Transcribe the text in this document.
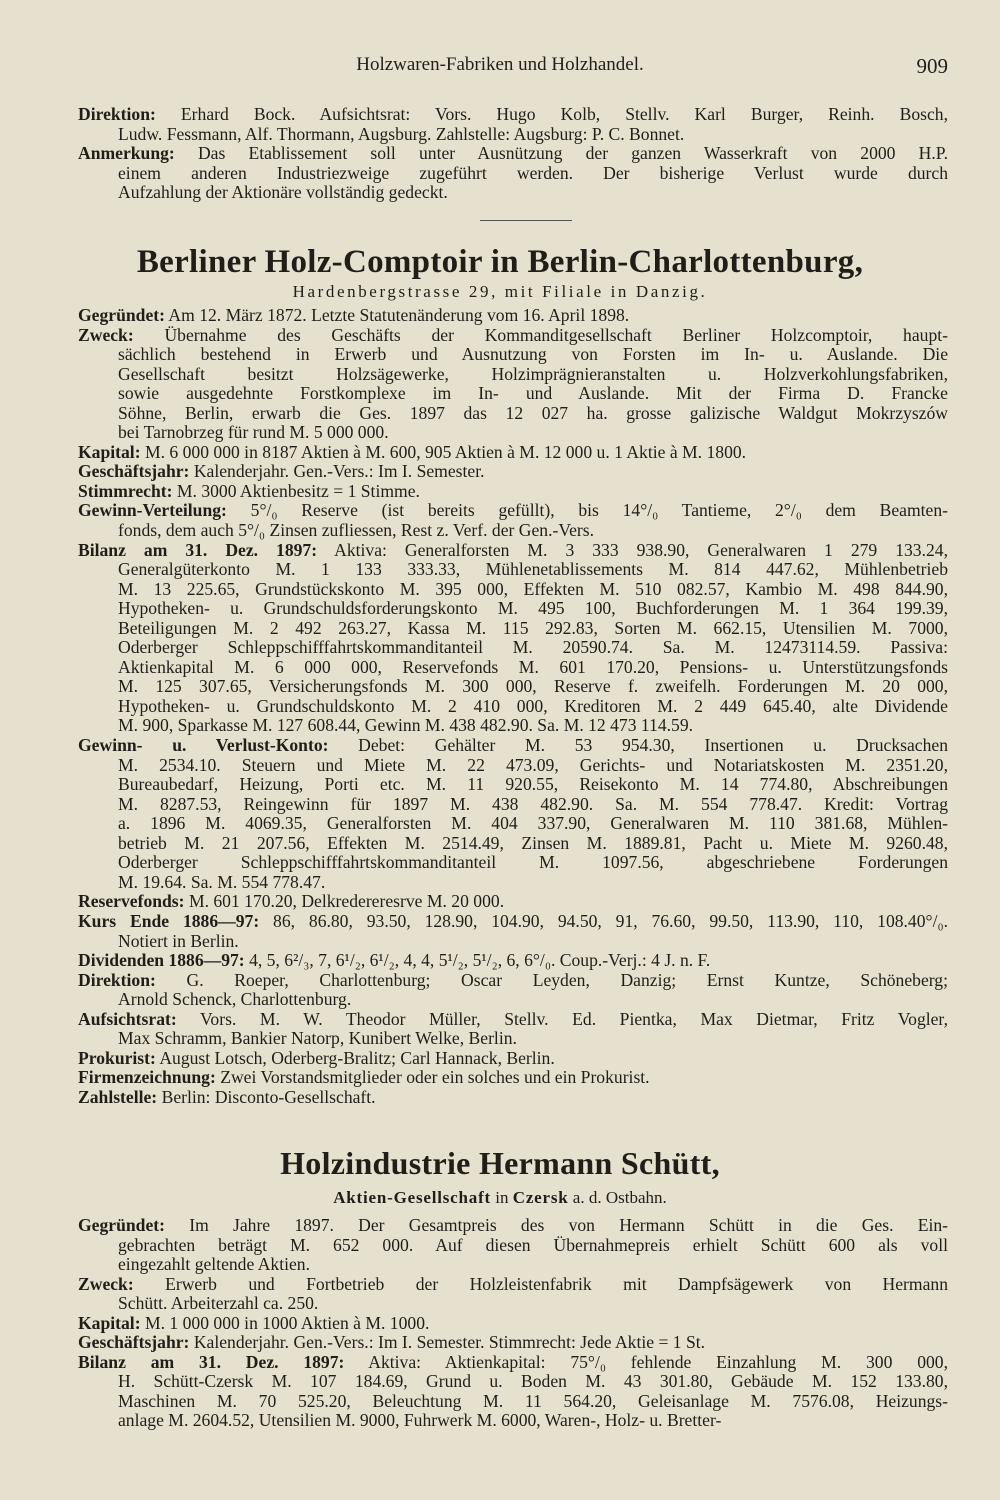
Holzwaren-Fabriken und Holzhandel.	909
Direktion: Erhard Bock. Aufsichtsrat: Vors. Hugo Kolb, Stellv. Karl Burger, Reinh. Bosch,
Ludw. Fessmann, Alf. Thormann, Augsburg. Zahlstelle: Augsburg: P. C. Bonnet.
Anmerkung: Das Etablissement soll unter Ausnützung der ganzen Wasserkraft von 2000 H.P.
einem anderen Industriezweige zugeführt werden. Der bisherige Verlust wurde durch
Aufzahlung der Aktionäre vollständig gedeckt.
Berliner Holz-Comptoir in Berlin-Charlottenburg,
Hardenbergstrasse 29, mit Filiale in Danzig.
Gegründet: Am 12. März 1872. Letzte Statutenänderung vom 16. April 1898.
Zweck: Übernahme des Geschäfts der Kommanditgesellschaft Berliner Holzcomptoir, haupt-
sächlich bestehend in Erwerb und Ausnutzung von Forsten im In- u. Auslande. Die
Gesellschaft besitzt Holzsägewerke, Holzimprägnieranstalten u. Holzverkohlungsfabriken,
sowie ausgedehnte Forstkomplexe im In- und Auslande. Mit der Firma D. Francke
Söhne, Berlin, erwarb die Ges. 1897 das 12 027 ha. grosse galizische Waldgut Mokrzyszów
bei Tarnobrzeg für rund M. 5 000 000.
Kapital: M. 6 000 000 in 8187 Aktien à M. 600, 905 Aktien à M. 12 000 u. 1 Aktie à M. 1800.
Geschäftsjahr: Kalenderjahr. Gen.-Vers.: Im I. Semester.
Stimmrecht: M. 3000 Aktienbesitz = 1 Stimme.
Gewinn-Verteilung: 5°/₀ Reserve (ist bereits gefüllt), bis 14°/₀ Tantieme, 2°/₀ dem Beamten-
fonds, dem auch 5°/₀ Zinsen zufliessen, Rest z. Verf. der Gen.-Vers.
Bilanz am 31. Dez. 1897: Aktiva: Generalforsten M. 3 333 938.90, Generalwaren 1 279 133.24,
Generalgüterkonto M. 1 133 333.33, Mühlenetablissements M. 814 447.62, Mühlenbetrieb
M. 13 225.65, Grundstückskonto M. 395 000, Effekten M. 510 082.57, Kambio M. 498 844.90,
Hypotheken- u. Grundschuldsforderungskonto M. 495 100, Buchforderungen M. 1 364 199.39,
Beteiligungen M. 2 492 263.27, Kassa M. 115 292.83, Sorten M. 662.15, Utensilien M. 7000,
Oderberger Schleppschifffahrtskommanditanteil M. 20590.74. Sa. M. 12473114.59. Passiva:
Aktienkapital M. 6 000 000, Reservefonds M. 601 170.20, Pensions- u. Unterstützungsfonds
M. 125 307.65, Versicherungsfonds M. 300 000, Reserve f. zweifelh. Forderungen M. 20 000,
Hypotheken- u. Grundschuldskonto M. 2 410 000, Kreditoren M. 2 449 645.40, alte Dividende
M. 900, Sparkasse M. 127 608.44, Gewinn M. 438 482.90. Sa. M. 12 473 114.59.
Gewinn- u. Verlust-Konto: Debet: Gehälter M. 53 954.30, Insertionen u. Drucksachen
M. 2534.10. Steuern und Miete M. 22 473.09, Gerichts- und Notariatskosten M. 2351.20,
Bureaubedarf, Heizung, Porti etc. M. 11 920.55, Reisekonto M. 14 774.80, Abschreibungen
M. 8287.53, Reingewinn für 1897 M. 438 482.90. Sa. M. 554 778.47. Kredit: Vortrag
a. 1896 M. 4069.35, Generalforsten M. 404 337.90, Generalwaren M. 110 381.68, Mühlen-
betrieb M. 21 207.56, Effekten M. 2514.49, Zinsen M. 1889.81, Pacht u. Miete M. 9260.48,
Oderberger Schleppschifffahrtskommanditanteil M. 1097.56, abgeschriebene Forderungen
M. 19.64. Sa. M. 554 778.47.
Reservefonds: M. 601 170.20, Delkredereresrve M. 20 000.
Kurs Ende 1886—97: 86, 86.80, 93.50, 128.90, 104.90, 94.50, 91, 76.60, 99.50, 113.90, 110, 108.40°/₀.
Notiert in Berlin.
Dividenden 1886—97: 4, 5, 6²/₃, 7, 6¹/₂, 6¹/₂, 4, 4, 5¹/₂, 5¹/₂, 6, 6°/₀. Coup.-Verj.: 4 J. n. F.
Direktion: G. Roeper, Charlottenburg; Oscar Leyden, Danzig; Ernst Kuntze, Schöneberg;
Arnold Schenck, Charlottenburg.
Aufsichtsrat: Vors. M. W. Theodor Müller, Stellv. Ed. Pientka, Max Dietmar, Fritz Vogler,
Max Schramm, Bankier Natorp, Kunibert Welke, Berlin.
Prokurist: August Lotsch, Oderberg-Bralitz; Carl Hannack, Berlin.
Firmenzeichnung: Zwei Vorstandsmitglieder oder ein solches und ein Prokurist.
Zahlstelle: Berlin: Disconto-Gesellschaft.
Holzindustrie Hermann Schütt,
Aktien-Gesellschaft in Czersk a. d. Ostbahn.
Gegründet: Im Jahre 1897. Der Gesamtpreis des von Hermann Schütt in die Ges. Ein-
gebrachten beträgt M. 652 000. Auf diesen Übernahmepreis erhielt Schütt 600 als voll
eingezahlt geltende Aktien.
Zweck: Erwerb und Fortbetrieb der Holzleistenfabrik mit Dampfsägewerk von Hermann
Schütt. Arbeiterzahl ca. 250.
Kapital: M. 1 000 000 in 1000 Aktien à M. 1000.
Geschäftsjahr: Kalenderjahr. Gen.-Vers.: Im I. Semester. Stimmrecht: Jede Aktie = 1 St.
Bilanz am 31. Dez. 1897: Aktiva: Aktienkapital: 75°/₀ fehlende Einzahlung M. 300 000,
H. Schütt-Czersk M. 107 184.69, Grund u. Boden M. 43 301.80, Gebäude M. 152 133.80,
Maschinen M. 70 525.20, Beleuchtung M. 11 564.20, Geleisanlage M. 7576.08, Heizungs-
anlage M. 2604.52, Utensilien M. 9000, Fuhrwerk M. 6000, Waren-, Holz- u. Bretter-
